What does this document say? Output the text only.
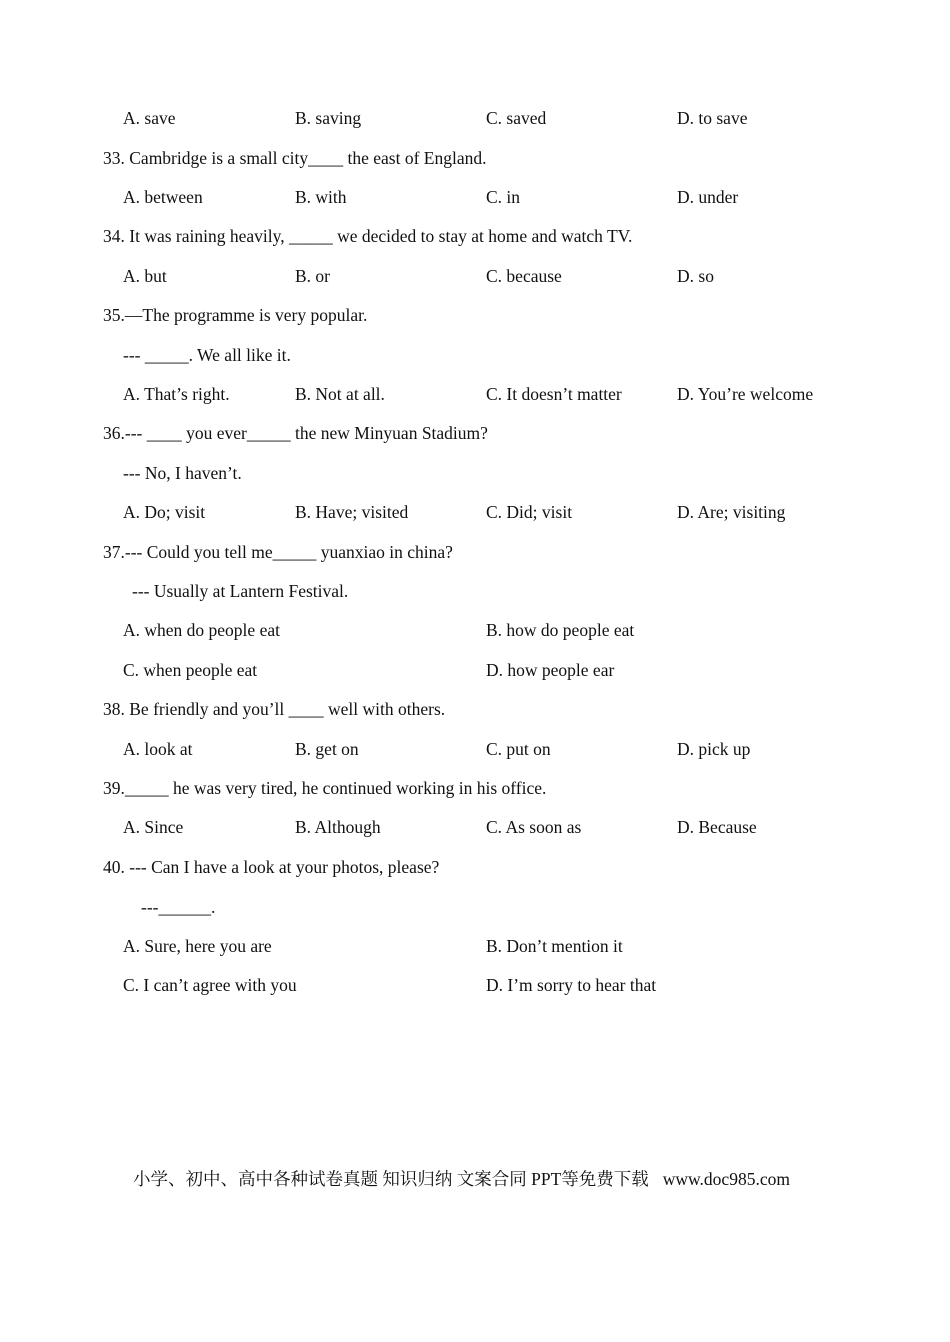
A. save	B. saving	C. saved	D. to save
33. Cambridge is a small city____ the east of England.
A. between	B. with	C. in	D. under
34. It was raining heavily, _____ we decided to stay at home and watch TV.
A. but	B. or	C. because	D. so
35.—The programme is very popular.
--- _____. We all like it.
A. That’s right.	B. Not at all.	C. It doesn’t matter	D. You’re welcome
36.--- ____ you ever_____ the new Minyuan Stadium?
--- No, I haven’t.
A. Do; visit	B. Have; visited	C. Did; visit	D. Are; visiting
37.--- Could you tell me_____ yuanxiao in china?
--- Usually at Lantern Festival.
A. when do people eat	B. how do people eat
C. when people eat	D. how people ear
38. Be friendly and you’ll ____ well with others.
A. look at	B. get on	C. put on	D. pick up
39._____ he was very tired, he continued working in his office.
A. Since	B. Although	C. As soon as	D. Because
40. --- Can I have a look at your photos, please?
---______.
A. Sure, here you are	B. Don’t mention it
C. I can’t agree with you	D. I’m sorry to hear that
小学、初中、高中各种试卷真题 知识归纳 文案合同 PPT等免费下载 www.doc985.com
